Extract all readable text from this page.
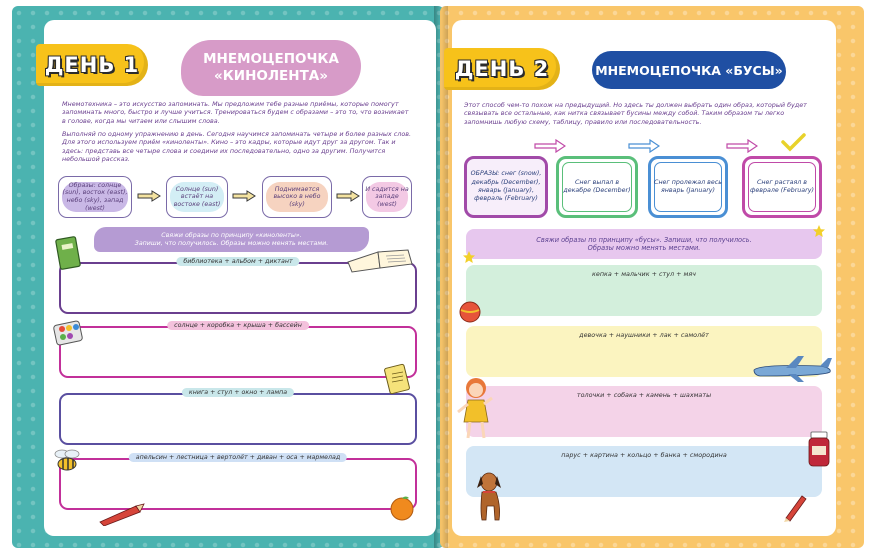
ДЕНЬ 1	МНЕМОЦЕПОЧКА
«КИНОЛЕНТА»

Мнемотехника – это искусство запоминать. Мы предложим тебе разные приёмы, которые помогут запоминать много, быстро и лучше учиться. Тренироваться будем с образами – это то, что возникает в голове, когда мы читаем или слышим слова.

Выполняй по одному упражнению в день. Сегодня научимся запоминать четыре и более разных слов. Для этого используем приём «киноленты». Кино – это кадры, которые идут друг за другом. Так и здесь: представь все четыре слова и соедини их последовательно, одно за другим. Получится небольшой рассказ.

Образы: солнце (sun), восток (east), небо (sky), запад (west)
Солнце (sun) встаёт на востоке (east)
Поднимается высоко в небо (sky)
И садится на западе (west)
Свяжи образы по принципу «киноленты».
Запиши, что получилось. Образы можно менять местами.
библиотека + альбом + диктант
солнце + коробка + крыша + бассейн
книга + стул + окно + лампа
апельсин + лестница + вертолёт + диван + оса + мармелад
ДЕНЬ 2	МНЕМОЦЕПОЧКА «БУСЫ»

Этот способ чем-то похож на предыдущий. Но здесь ты должен выбрать один образ, который будет связывать все остальные, как нитка связывает бусины между собой. Таким образом ты легко запомнишь любую схему, таблицу, правило или последовательность.

ОБРАЗЫ: снег (snow), декабрь (December), январь (January), февраль (February)
Снег выпал в декабре (December)
Снег пролежал весь январь (January)
Снег растаял в феврале (February)
Свяжи образы по принципу «бусы». Запиши, что получилось.
Образы можно менять местами.
кепка + мальчик + стул + мяч
девочка + наушники + лак + самолёт
толочки + собака + камень + шахматы
парус + картина + кольцо + банка + смородина
